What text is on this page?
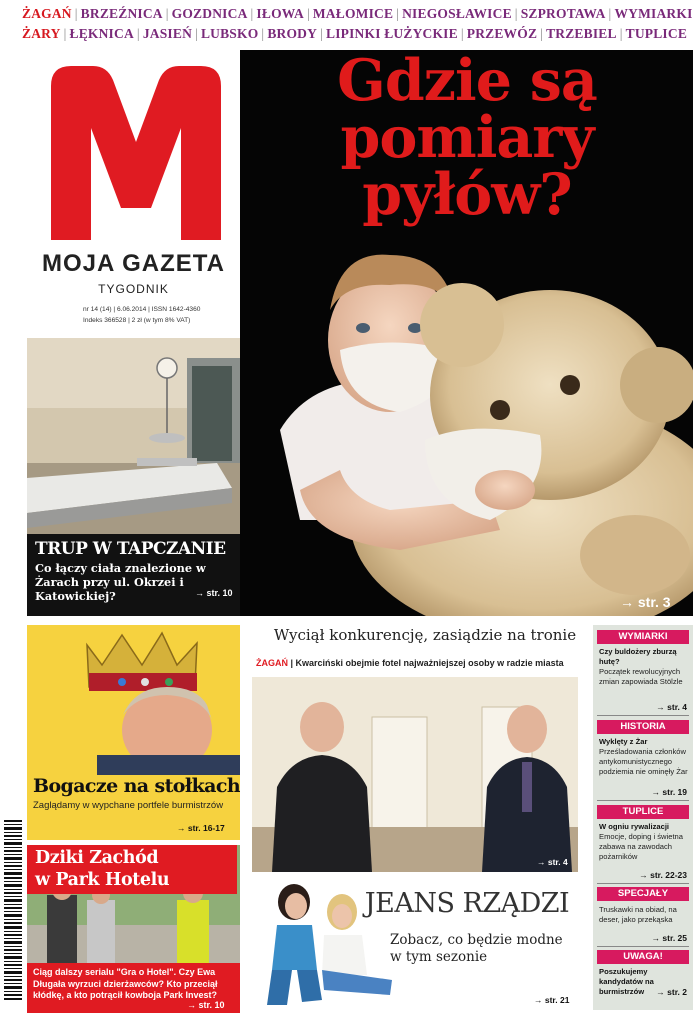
ŻAGAŃ | BRZEŹNICA | GOZDNICA | IŁOWA | MAŁOMICE | NIEGOSŁAWICE | SZPROTAWA | WYMIARKI
ŻARY | ŁĘKNICA | JASIEŃ | LUBSKO | BRODY | LIPINKI ŁUŻYCKIE | PRZEWÓZ | TRZEBIEL | TUPLICE
→ str. 3
Gdzie są
pomiary
pyłów?
MOJA GAZETA
TYGODNIK
nr 14 (14) | 6.06.2014 | ISSN 1642-4360
Indeks 366528 | 2 zł (w tym 8% VAT)
TRUP W TAPCZANIE
Co łączy ciała znalezione w Żarach przy ul. Okrzei i Katowickiej?	→ str. 10
Bogacze na stołkach
Zaglądamy w wypchane portfele burmistrzów
→ str. 16-17
Dziki Zachód
w Park Hotelu
Ciąg dalszy serialu "Gra o Hotel". Czy Ewa Długała wyrzuci dzierżawców? Kto przeciął kłódkę, a kto potrącił kowboja Park Invest?
→ str. 10
Wyciął konkurencję, zasiądzie na tronie
ŻAGAŃ | Kwarciński obejmie fotel najważniejszej osoby w radzie miasta
→ str. 4
JEANS RZĄDZI
Zobacz, co będzie modne w tym sezonie
→ str. 21
WYMIARKI
Czy buldożery zburzą hutę?
Początek rewolucyjnych zmian zapowiada Stölzle
→ str. 4
HISTORIA
Wyklęty z Żar
Prześladowania członków antykomunistycznego podziemia nie ominęły Żar
→ str. 19
TUPLICE
W ogniu rywalizacji
Emocje, doping i świetna zabawa na zawodach pożarników
→ str. 22-23
SPECJAŁY
Truskawki na obiad, na deser, jako przekąska
→ str. 25
UWAGA!
Poszukujemy kandydatów na burmistrzów	→ str. 2
